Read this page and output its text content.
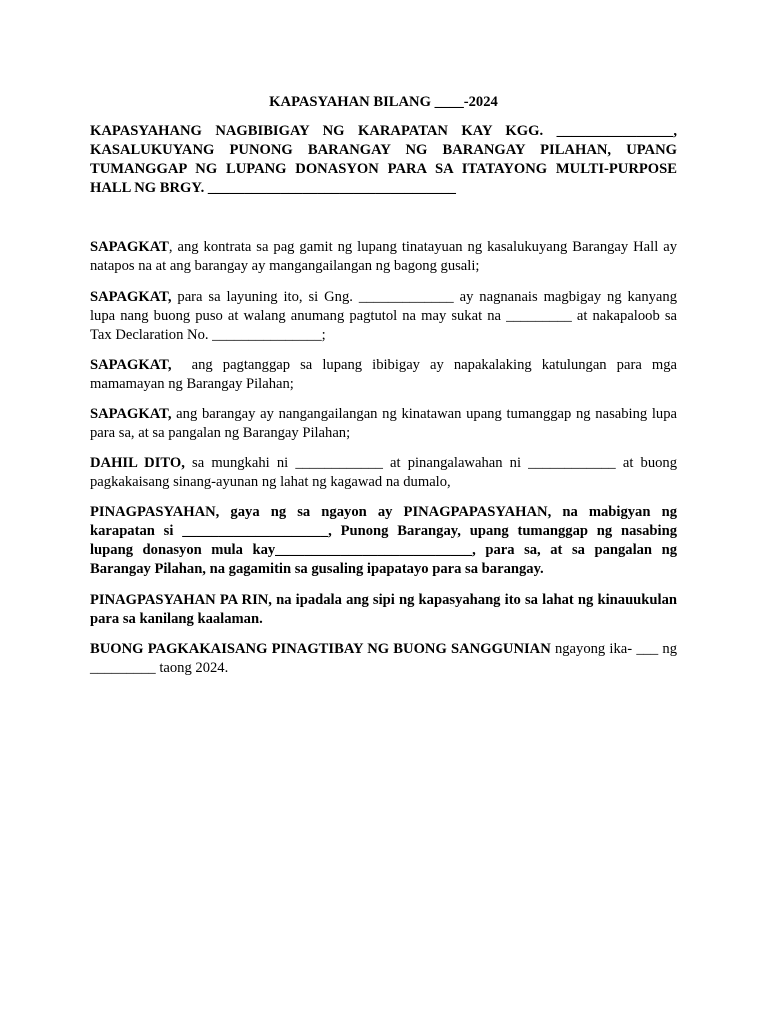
KAPASYAHAN BILANG ____-2024
KAPASYAHANG NAGBIBIGAY NG KARAPATAN KAY KGG. ________________, KASALUKUYANG PUNONG BARANGAY NG BARANGAY PILAHAN, UPANG TUMANGGAP NG LUPANG DONASYON PARA SA ITATAYONG MULTI-PURPOSE HALL NG BRGY. __________________________________

SAPAGKAT, ang kontrata sa pag gamit ng lupang tinatayuan ng kasalukuyang Barangay Hall ay natapos na at ang barangay ay mangangailangan ng bagong gusali;

SAPAGKAT, para sa layuning ito, si Gng. _____________ ay nagnanais magbigay ng kanyang lupa nang buong puso at walang anumang pagtutol na may sukat na _________ at nakapaloob sa Tax Declaration No. _______________;

SAPAGKAT,  ang pagtanggap sa lupang ibibigay ay napakalaking katulungan para mga mamamayan ng Barangay Pilahan;

SAPAGKAT, ang barangay ay nangangailangan ng kinatawan upang tumanggap ng nasabing lupa para sa, at sa pangalan ng Barangay Pilahan;

DAHIL DITO, sa mungkahi ni ____________ at pinangalawahan ni ____________ at buong pagkakaisang sinang-ayunan ng lahat ng kagawad na dumalo,

PINAGPASYAHAN, gaya ng sa ngayon ay PINAGPAPASYAHAN, na mabigyan ng karapatan si ____________________, Punong Barangay, upang tumanggap ng nasabing lupang donasyon mula kay___________________________, para sa, at sa pangalan ng Barangay Pilahan, na gagamitin sa gusaling ipapatayo para sa barangay.

PINAGPASYAHAN PA RIN, na ipadala ang sipi ng kapasyahang ito sa lahat ng kinauukulan para sa kanilang kaalaman.

BUONG PAGKAKAISANG PINAGTIBAY NG BUONG SANGGUNIAN ngayong ika- ___ ng _________ taong 2024.
